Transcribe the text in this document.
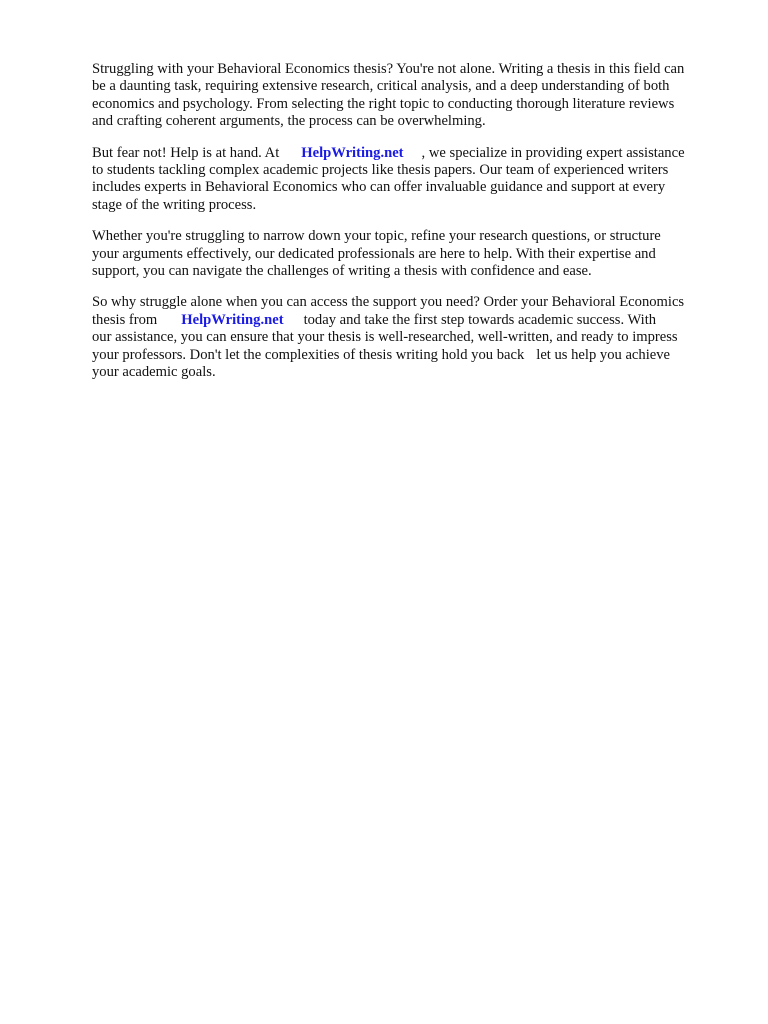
Struggling with your Behavioral Economics thesis? You're not alone. Writing a thesis in this field can
be a daunting task, requiring extensive research, critical analysis, and a deep understanding of both
economics and psychology. From selecting the right topic to conducting thorough literature reviews
and crafting coherent arguments, the process can be overwhelming.

But fear not! Help is at hand. At HelpWriting.net , we specialize in providing expert assistance
to students tackling complex academic projects like thesis papers. Our team of experienced writers
includes experts in Behavioral Economics who can offer invaluable guidance and support at every
stage of the writing process.

Whether you're struggling to narrow down your topic, refine your research questions, or structure
your arguments effectively, our dedicated professionals are here to help. With their expertise and
support, you can navigate the challenges of writing a thesis with confidence and ease.

So why struggle alone when you can access the support you need? Order your Behavioral Economics
thesis from HelpWriting.net today and take the first step towards academic success. With
our assistance, you can ensure that your thesis is well-researched, well-written, and ready to impress
your professors. Don't let the complexities of thesis writing hold you back let us help you achieve
your academic goals.
